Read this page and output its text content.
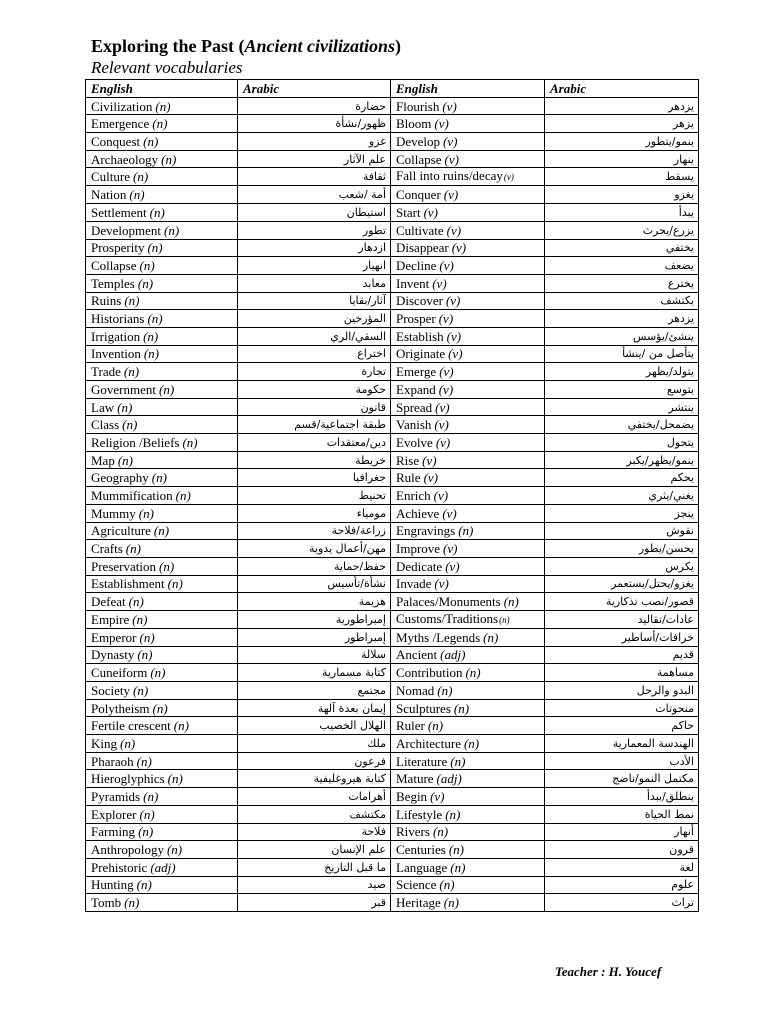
Exploring the Past (Ancient civilizations)
Relevant vocabularies
English	Arabic	English	Arabic
Civilization (n)	حضارة	Flourish (v)	يزدهر
Emergence (n)	ظهور/نشأة	Bloom (v)	يزهر
Conquest (n)	غزو	Develop (v)	ينمو/يتطور
Archaeology (n)	علم الآثار	Collapse (v)	ينهار
Culture (n)	ثقافة	Fall into ruins/decay(v)	يسقط
Nation (n)	أمة /شعب	Conquer (v)	يغزو
Settlement (n)	استيطان	Start (v)	يبدأ
Development (n)	تطور	Cultivate (v)	يزرع/يحرث
Prosperity (n)	ازدهار	Disappear (v)	يختفي
Collapse (n)	انهيار	Decline (v)	يضعف
Temples (n)	معابد	Invent (v)	يخترع
Ruins (n)	آثار/بقايا	Discover (v)	يكتشف
Historians (n)	المؤرخين	Prosper (v)	يزدهر
Irrigation (n)	السقي/الري	Establish (v)	ينشئ/يؤسس
Invention (n)	اختراع	Originate (v)	يتأصل من /ينشأ
Trade (n)	تجارة	Emerge (v)	يتولد/يظهر
Government (n)	حكومة	Expand (v)	يتوسع
Law (n)	قانون	Spread (v)	ينتشر
Class (n)	طبقة اجتماعية/قسم	Vanish (v)	يضمحل/يختفي
Religion /Beliefs (n)	دين/معتقدات	Evolve (v)	يتحول
Map (n)	خريطة	Rise (v)	ينمو/يظهر/يكبر
Geography (n)	جغرافيا	Rule (v)	يحكم
Mummification (n)	تحنيط	Enrich (v)	يغني/يثري
Mummy (n)	مومياء	Achieve (v)	ينجز
Agriculture (n)	زراعة/فلاحة	Engravings (n)	نقوش
Crafts (n)	مهن/أعمال يدوية	Improve (v)	يحسن/يطور
Preservation (n)	حفظ/حماية	Dedicate (v)	يكرس
Establishment (n)	نشأة/تأسيس	Invade (v)	يغزو/يحتل/يستعمر
Defeat (n)	هزيمة	Palaces/Monuments (n)	قصور/نصب تذكارية
Empire (n)	إمبراطورية	Customs/Traditions(n)	عادات/تقاليد
Emperor (n)	إمبراطور	Myths /Legends (n)	خرافات/أساطير
Dynasty (n)	سلالة	Ancient (adj)	قديم
Cuneiform (n)	كتابة مسمارية	Contribution (n)	مساهمة
Society (n)	مجتمع	Nomad (n)	البدو والرحل
Polytheism (n)	إيمان بعدة آلهة	Sculptures (n)	منحوتات
Fertile crescent (n)	الهلال الخصيب	Ruler (n)	حاكم
King (n)	ملك	Architecture (n)	الهندسة المعمارية
Pharaoh (n)	فرعون	Literature (n)	الأدب
Hieroglyphics (n)	كتابة هيروغليفية	Mature (adj)	مكتمل النمو/ناضج
Pyramids (n)	أهرامات	Begin (v)	ينطلق/يبدأ
Explorer (n)	مكتشف	Lifestyle (n)	نمط الحياة
Farming (n)	فلاحة	Rivers (n)	أنهار
Anthropology (n)	علم الإنسان	Centuries (n)	قرون
Prehistoric (adj)	ما قبل التاريخ	Language (n)	لغة
Hunting (n)	صيد	Science (n)	علوم
Tomb (n)	قبر	Heritage (n)	تراث
Teacher : H. Youcef
